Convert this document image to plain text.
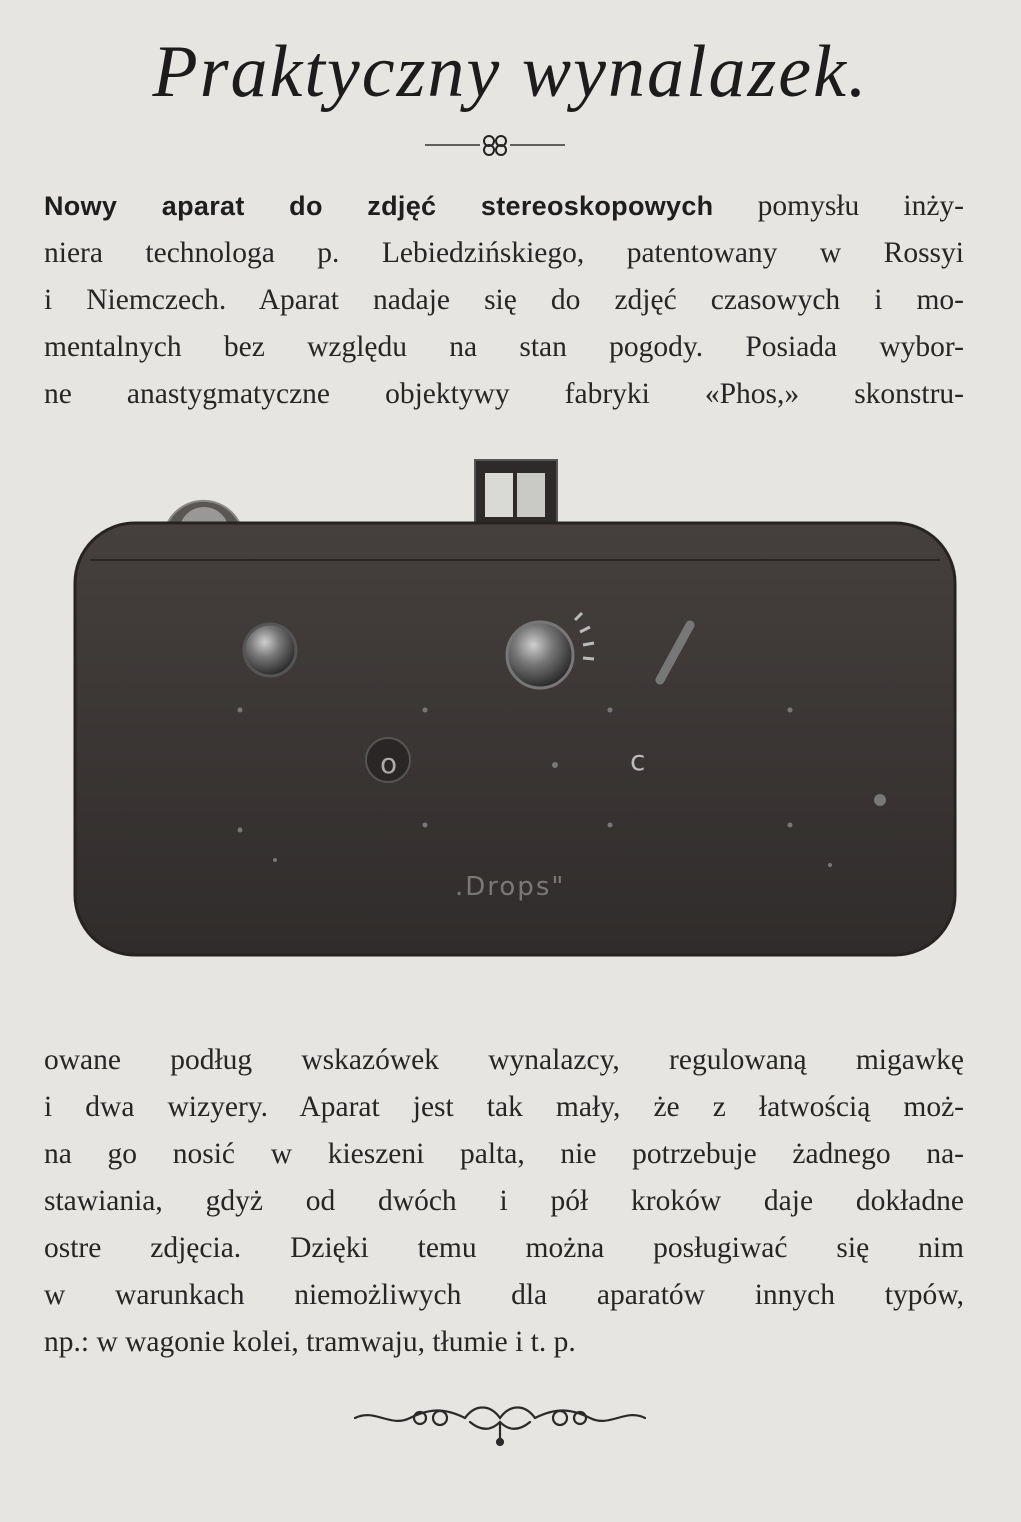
Praktyczny wynalazek.
Nowy aparat do zdjęć stereoskopowych pomysłu inży-
niera technologa p. Lebiedzińskiego, patentowany w Rossyi
i Niemczech. Aparat nadaje się do zdjęć czasowych i mo-
mentalnych bez względu na stan pogody. Posiada wybor-
ne anastygmatyczne objektywy fabryki «Phos,» skonstru-
o	c
.Drops"
owane podług wskazówek wynalazcy, regulowaną migawkę
i dwa wizyery. Aparat jest tak mały, że z łatwością moż-
na go nosić w kieszeni palta, nie potrzebuje żadnego na-
stawiania, gdyż od dwóch i pół kroków daje dokładne
ostre zdjęcia. Dzięki temu można posługiwać się nim
w warunkach niemożliwych dla aparatów innych typów,
np.: w wagonie kolei, tramwaju, tłumie i t. p.
